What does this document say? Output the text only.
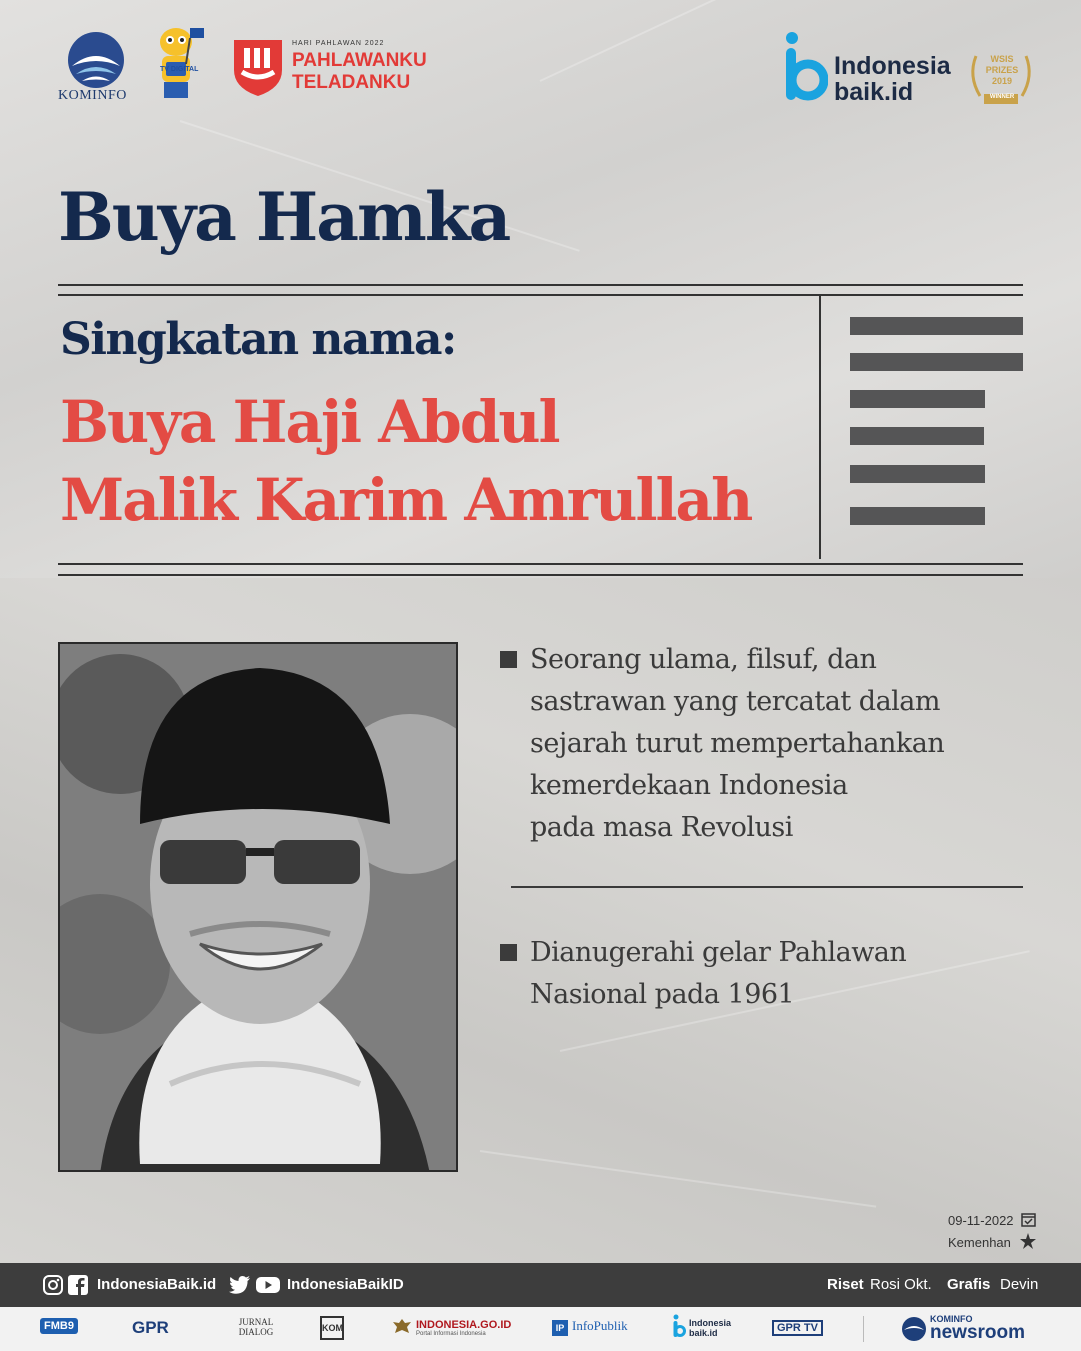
KOMINFO
TV DIGITAL
HARI PAHLAWAN 2022
PAHLAWANKU
TELADANKU
Indonesia
baik.id
WSIS PRIZES 2019
WINNER
Buya Hamka
Singkatan nama:
Buya Haji Abdul
Malik Karim Amrullah
Seorang ulama, filsuf, dan
sastrawan yang tercatat dalam
sejarah turut mempertahankan
kemerdekaan Indonesia
pada masa Revolusi
Dianugerahi gelar Pahlawan
Nasional pada 1961
09-11-2022
Kemenhan
IndonesiaBaik.id	IndonesiaBaikID	Riset Rosi Okt. Grafis Devin
FMB9	GPR	JURNAL DIALOG	KOM	INDONESIA.GO.ID
Portal Informasi Indonesia
IP InfoPublik	Indonesia baik.id	GPR TV
KOMINFO
newsroom
